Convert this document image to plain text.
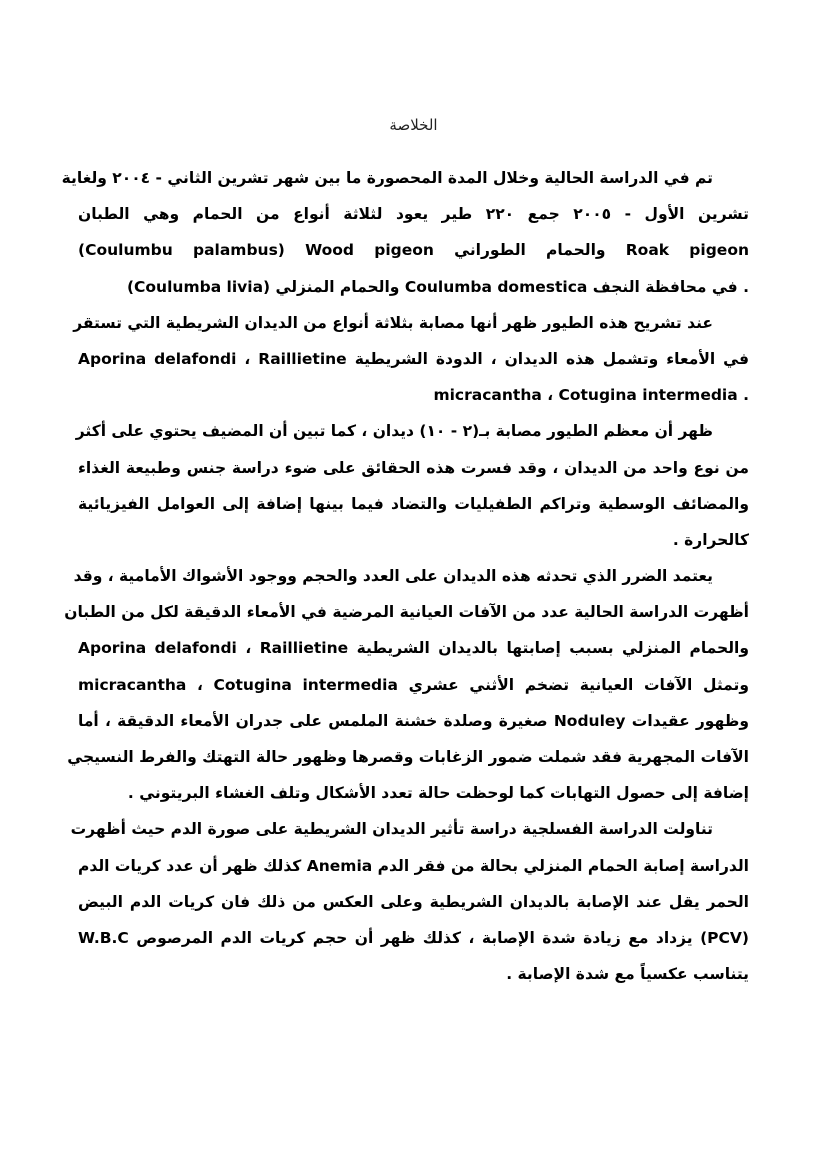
الخلاصة
تم في الدراسة الحالية وخلال المدة المحصورة ما بين شهر تشرين الثاني - ٢٠٠٤ ولغاية
تشرين الأول - ٢٠٠٥ جمع ٢٢٠ طير يعود لثلاثة أنواع من الحمام وهي الطبان
(Coulumbu palambus) Wood pigeon والحمام الطوراني Roak pigeon
(Coulumba livia) والحمام المنزلي Coulumba domestica في محافظة النجف .
عند تشريح هذه الطيور ظهر أنها مصابة بثلاثة أنواع من الديدان الشريطية التي تستقر
في الأمعاء وتشمل هذه الديدان ، الدودة الشريطية Aporina delafondi ، Raillietine
micracantha ، Cotugina intermedia .
ظهر أن معظم الطيور مصابة بـ(٢ - ١٠) ديدان ، كما تبين أن المضيف يحتوي على أكثر
من نوع واحد من الديدان ، وقد فسرت هذه الحقائق على ضوء دراسة جنس وطبيعة الغذاء
والمضائف الوسطية وتراكم الطفيليات والتضاد فيما بينها إضافة إلى العوامل الفيزيائية
كالحرارة .
يعتمد الضرر الذي تحدثه هذه الديدان على العدد والحجم ووجود الأشواك الأمامية ، وقد
أظهرت الدراسة الحالية عدد من الآفات العيانية المرضية في الأمعاء الدقيقة لكل من الطبان
والحمام المنزلي بسبب إصابتها بالديدان الشريطية Aporina delafondi ، Raillietine
micracantha ، Cotugina intermedia وتمثل الآفات العيانية تضخم الأثني عشري
وظهور عقيدات Noduley صغيرة وصلدة خشنة الملمس على جدران الأمعاء الدقيقة ، أما
الآفات المجهرية فقد شملت ضمور الزغابات وقصرها وظهور حالة التهتك والفرط النسيجي
إضافة إلى حصول التهابات كما لوحظت حالة تعدد الأشكال وتلف الغشاء البريتوني .
تناولت الدراسة الفسلجية دراسة تأثير الديدان الشريطية على صورة الدم حيث أظهرت
الدراسة إصابة الحمام المنزلي بحالة من فقر الدم Anemia كذلك ظهر أن عدد كريات الدم
الحمر يقل عند الإصابة بالديدان الشريطية وعلى العكس من ذلك فان كريات الدم البيض
W.B.C يزداد مع زيادة شدة الإصابة ، كذلك ظهر أن حجم كريات الدم المرصوص (PCV)
يتناسب عكسياً مع شدة الإصابة .
